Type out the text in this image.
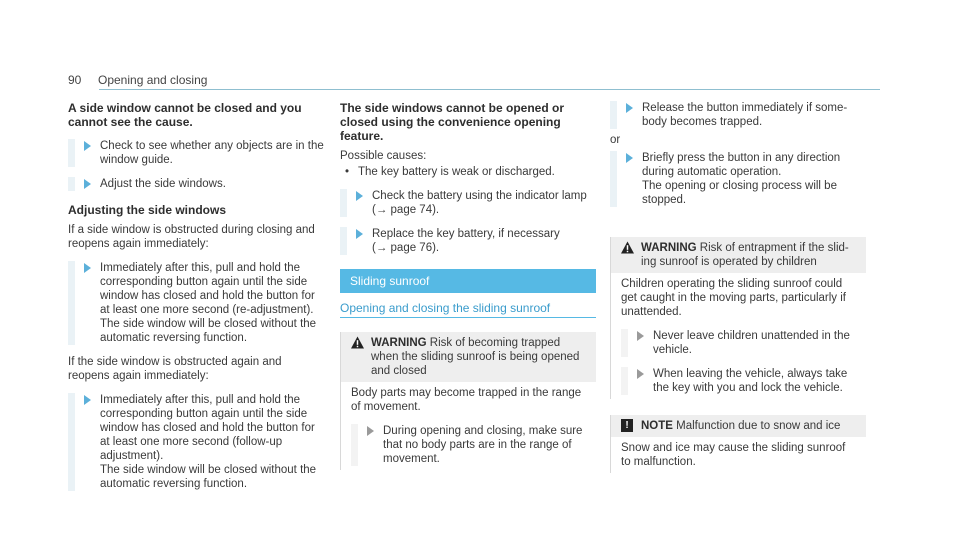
90 Opening and closing
A side window cannot be closed and you cannot see the cause.

Check to see whether any objects are in the window guide.

Adjust the side windows.

Adjusting the side windows

If a side window is obstructed during closing and reopens again immediately:

Immediately after this, pull and hold the corresponding button again until the side window has closed and hold the button for at least one more second (re-adjustment).

The side window will be closed without the automatic reversing function.

If the side window is obstructed again and reopens again immediately:

Immediately after this, pull and hold the corresponding button again until the side window has closed and hold the button for at least one more second (follow-up adjustment).

The side window will be closed without the automatic reversing function.

The side windows cannot be opened or closed using the convenience opening feature.

Possible causes:

• The key battery is weak or discharged.

Check the battery using the indicator lamp

(→ page 74).

Replace the key battery, if necessary

(→ page 76).

Sliding sunroof
Opening and closing the sliding sunroof
WARNING Risk of becoming trapped when the sliding sunroof is being opened and closed

Body parts may become trapped in the range of movement.

During opening and closing, make sure that no body parts are in the range of movement.

Release the button immediately if somebody becomes trapped.

or

Briefly press the button in any direction during automatic operation.

The opening or closing process will be stopped.

WARNING Risk of entrapment if the sliding sunroof is operated by children

Children operating the sliding sunroof could get caught in the moving parts, particularly if unattended.

Never leave children unattended in the vehicle.

When leaving the vehicle, always take the key with you and lock the vehicle.

!	NOTE Malfunction due to snow and ice

Snow and ice may cause the sliding sunroof to malfunction.
